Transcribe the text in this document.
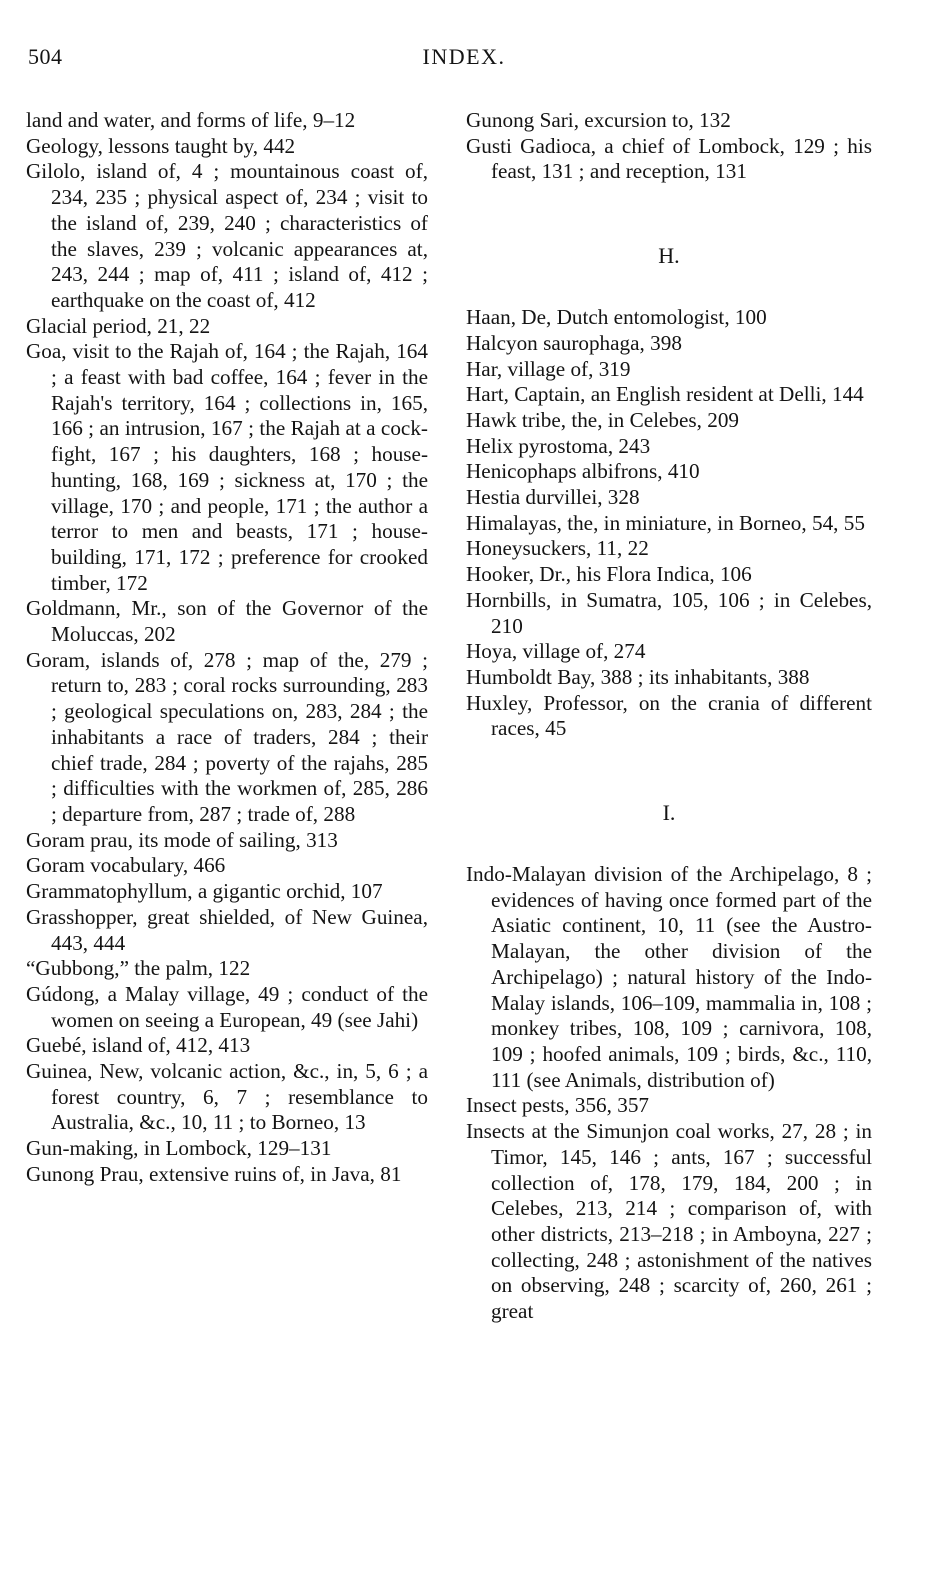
504	INDEX.

land and water, and forms of life, 9–12

Geology, lessons taught by, 442

Gilolo, island of, 4 ; mountainous coast of, 234, 235 ; physical aspect of, 234 ; visit to the island of, 239, 240 ; characteristics of the slaves, 239 ; volcanic appearances at, 243, 244 ; map of, 411 ; island of, 412 ; earthquake on the coast of, 412

Glacial period, 21, 22

Goa, visit to the Rajah of, 164 ; the Rajah, 164 ; a feast with bad coffee, 164 ; fever in the Rajah's territory, 164 ; collections in, 165, 166 ; an intrusion, 167 ; the Rajah at a cock-fight, 167 ; his daughters, 168 ; house-hunting, 168, 169 ; sickness at, 170 ; the village, 170 ; and people, 171 ; the author a terror to men and beasts, 171 ; house-building, 171, 172 ; preference for crooked timber, 172

Goldmann, Mr., son of the Governor of the Moluccas, 202

Goram, islands of, 278 ; map of the, 279 ; return to, 283 ; coral rocks surrounding, 283 ; geological speculations on, 283, 284 ; the inhabitants a race of traders, 284 ; their chief trade, 284 ; poverty of the rajahs, 285 ; difficulties with the workmen of, 285, 286 ; departure from, 287 ; trade of, 288

Goram prau, its mode of sailing, 313

Goram vocabulary, 466

Grammatophyllum, a gigantic orchid, 107

Grasshopper, great shielded, of New Guinea, 443, 444

“Gubbong,” the palm, 122

Gúdong, a Malay village, 49 ; conduct of the women on seeing a European, 49 (see Jahi)

Guebé, island of, 412, 413

Guinea, New, volcanic action, &c., in, 5, 6 ; a forest country, 6, 7 ; resemblance to Australia, &c., 10, 11 ; to Borneo, 13

Gun-making, in Lombock, 129–131

Gunong Prau, extensive ruins of, in Java, 81

Gunong Sari, excursion to, 132

Gusti Gadioca, a chief of Lombock, 129 ; his feast, 131 ; and reception, 131

H.

Haan, De, Dutch entomologist, 100

Halcyon saurophaga, 398

Har, village of, 319

Hart, Captain, an English resident at Delli, 144

Hawk tribe, the, in Celebes, 209

Helix pyrostoma, 243

Henicophaps albifrons, 410

Hestia durvillei, 328

Himalayas, the, in miniature, in Borneo, 54, 55

Honeysuckers, 11, 22

Hooker, Dr., his Flora Indica, 106

Hornbills, in Sumatra, 105, 106 ; in Celebes, 210

Hoya, village of, 274

Humboldt Bay, 388 ; its inhabitants, 388

Huxley, Professor, on the crania of different races, 45

I.

Indo-Malayan division of the Archipelago, 8 ; evidences of having once formed part of the Asiatic continent, 10, 11 (see the Austro-Malayan, the other division of the Archipelago) ; natural history of the Indo-Malay islands, 106–109, mammalia in, 108 ; monkey tribes, 108, 109 ; carnivora, 108, 109 ; hoofed animals, 109 ; birds, &c., 110, 111 (see Animals, distribution of)

Insect pests, 356, 357

Insects at the Simunjon coal works, 27, 28 ; in Timor, 145, 146 ; ants, 167 ; successful collection of, 178, 179, 184, 200 ; in Celebes, 213, 214 ; comparison of, with other districts, 213–218 ; in Amboyna, 227 ; collecting, 248 ; astonishment of the natives on observing, 248 ; scarcity of, 260, 261 ; great
